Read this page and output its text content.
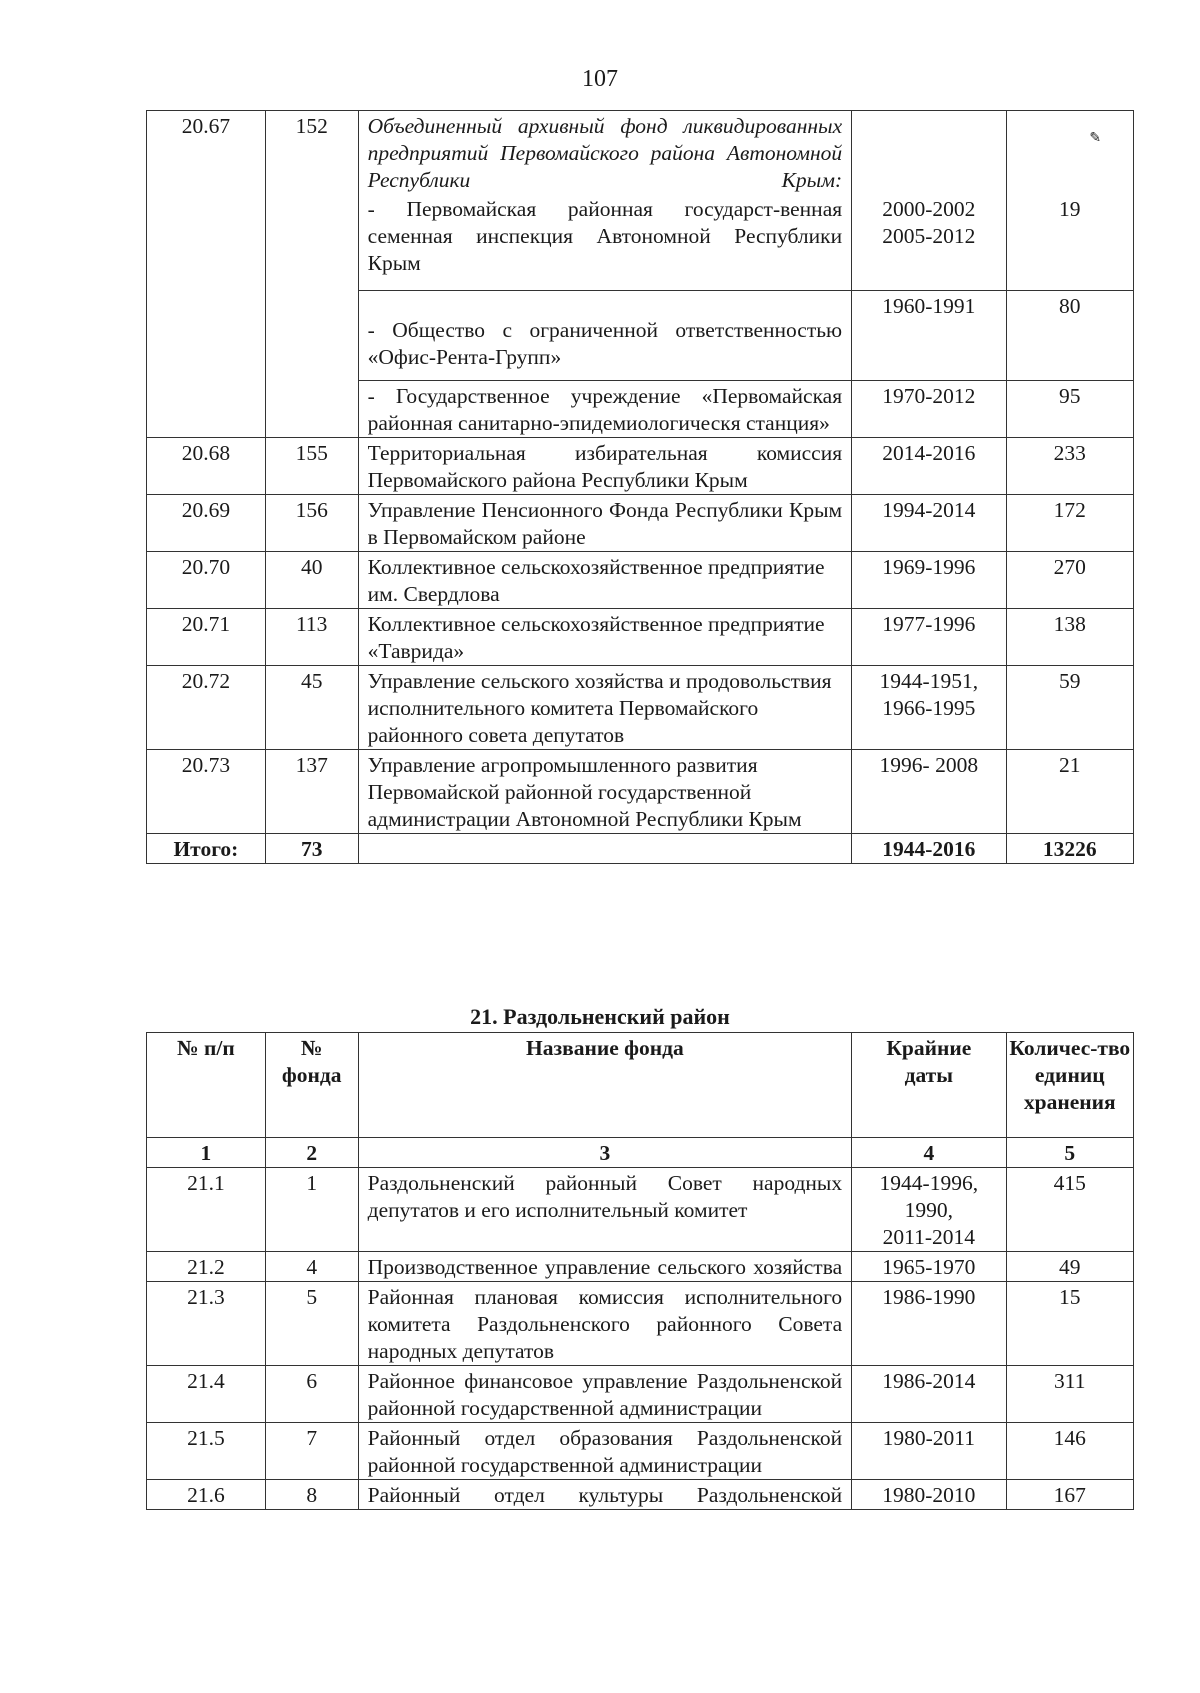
107
20.67	152	Объединенный архивный фонд ликвидированных предприятий Первомайского района Автономной Республики Крым:		✎
		- Первомайская районная государст-венная семенная инспекция Автономной Республики Крым	2000-2002
2005-2012	19
		- Общество с ограниченной ответственностью «Офис-Рента-Групп»	1960-1991	80
		- Государственное учреждение «Первомайская районная санитарно-эпидемиологическя станция»	1970-2012	95
20.68	155	Территориальная избирательная комиссия Первомайского района Республики Крым	2014-2016	233
20.69	156	Управление Пенсионного Фонда Республики Крым в Первомайском районе	1994-2014	172
20.70	40	Коллективное сельскохозяйственное предприятие им. Свердлова	1969-1996	270
20.71	113	Коллективное сельскохозяйственное предприятие «Таврида»	1977-1996	138
20.72	45	Управление сельского хозяйства и продовольствия исполнительного комитета Первомайского районного совета депутатов	1944-1951,
1966-1995	59
20.73	137	Управление агропромышленного развития Первомайской районной государственной администрации Автономной Республики Крым	1996- 2008	21
Итого:	73		1944-2016	13226
21. Раздольненский район
№ п/п	№ фонда	Название фонда	Крайние даты	Количес-тво единиц хранения
1	2	3	4	5
21.1	1	Раздольненский районный Совет народных депутатов и его исполнительный комитет	1944-1996,
1990,
2011-2014	415
21.2	4	Производственное управление сельского хозяйства	1965-1970	49
21.3	5	Районная плановая комиссия исполнительного комитета Раздольненского районного Совета народных депутатов	1986-1990	15
21.4	6	Районное финансовое управление Раздольненской районной государственной администрации	1986-2014	311
21.5	7	Районный отдел образования Раздольненской районной государственной администрации	1980-2011	146
21.6	8	Районный отдел культуры Раздольненской	1980-2010	167
